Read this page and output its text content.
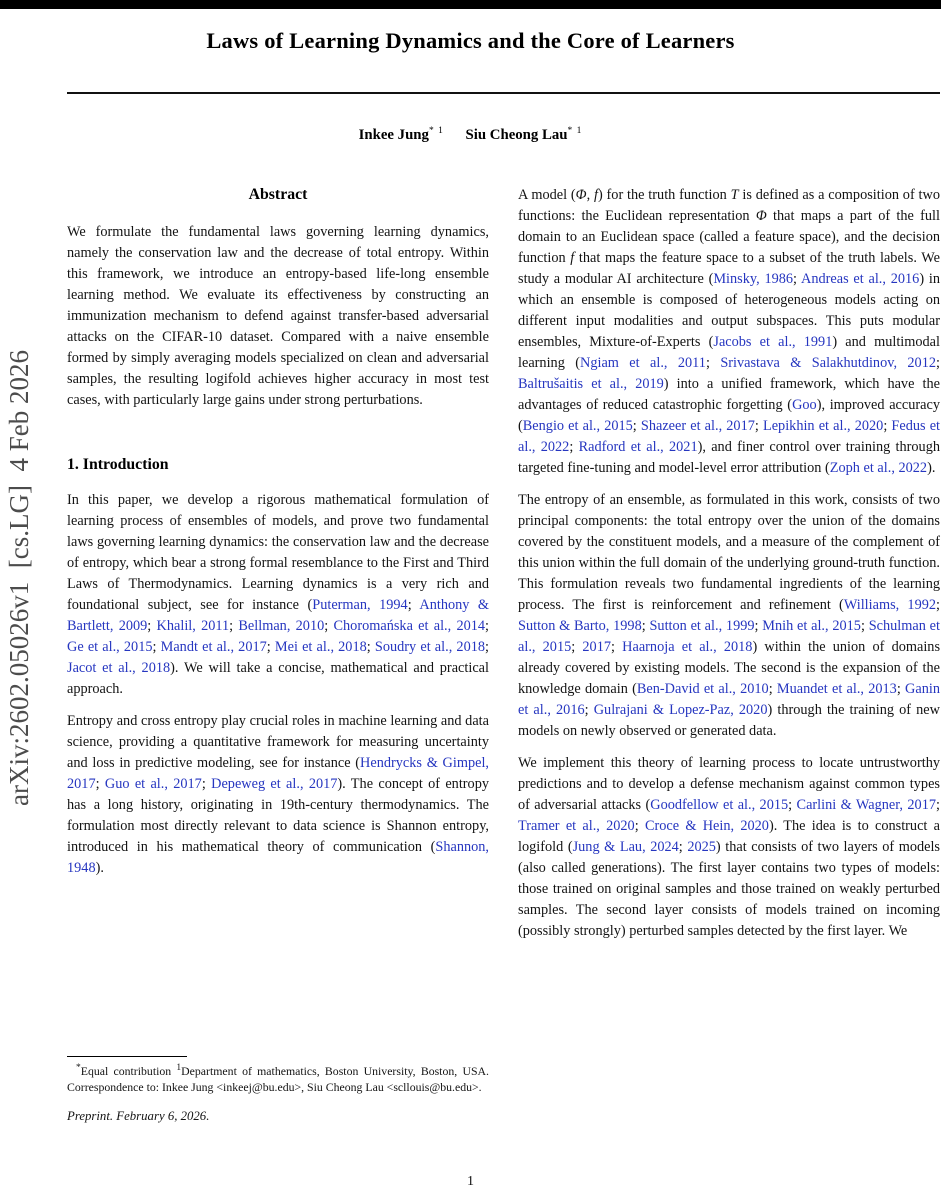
arXiv:2602.05026v1  [cs.LG]  4 Feb 2026
Laws of Learning Dynamics and the Core of Learners
Inkee Jung$^{* 1}$ Siu Cheong Lau$^{* 1}$
Abstract

We formulate the fundamental laws governing learning dynamics, namely the conservation law and the decrease of total entropy. Within this framework, we introduce an entropy-based life-long ensemble learning method. We evaluate its effectiveness by constructing an immunization mechanism to defend against transfer-based adversarial attacks on the CIFAR-10 dataset. Compared with a naive ensemble formed by simply averaging models specialized on clean and adversarial samples, the resulting logifold achieves higher accuracy in most test cases, with particularly large gains under strong perturbations.

1. Introduction

In this paper, we develop a rigorous mathematical formulation of learning process of ensembles of models, and prove two fundamental laws governing learning dynamics: the conservation law and the decrease of entropy, which bear a strong formal resemblance to the First and Third Laws of Thermodynamics. Learning dynamics is a very rich and foundational subject, see for instance (Puterman, 1994; Anthony & Bartlett, 2009; Khalil, 2011; Bellman, 2010; Choromańska et al., 2014; Ge et al., 2015; Mandt et al., 2017; Mei et al., 2018; Soudry et al., 2018; Jacot et al., 2018). We will take a concise, mathematical and practical approach.

Entropy and cross entropy play crucial roles in machine learning and data science, providing a quantitative framework for measuring uncertainty and loss in predictive modeling, see for instance (Hendrycks & Gimpel, 2017; Guo et al., 2017; Depeweg et al., 2017). The concept of entropy has a long history, originating in 19th-century thermodynamics. The formulation most directly relevant to data science is Shannon entropy, introduced in his mathematical theory of communication (Shannon, 1948).

A model (Φ, f) for the truth function T is defined as a composition of two functions: the Euclidean representation Φ that maps a part of the full domain to an Euclidean space (called a feature space), and the decision function f that maps the feature space to a subset of the truth labels. We study a modular AI architecture (Minsky, 1986; Andreas et al., 2016) in which an ensemble is composed of heterogeneous models acting on different input modalities and output subspaces. This puts modular ensembles, Mixture-of-Experts (Jacobs et al., 1991) and multimodal learning (Ngiam et al., 2011; Srivastava & Salakhutdinov, 2012; Baltrušaitis et al., 2019) into a unified framework, which have the advantages of reduced catastrophic forgetting (Goo), improved accuracy (Bengio et al., 2015; Shazeer et al., 2017; Lepikhin et al., 2020; Fedus et al., 2022; Radford et al., 2021), and finer control over training through targeted fine-tuning and model-level error attribution (Zoph et al., 2022).

The entropy of an ensemble, as formulated in this work, consists of two principal components: the total entropy over the union of the domains covered by the constituent models, and a measure of the complement of this union within the full domain of the underlying ground-truth function. This formulation reveals two fundamental ingredients of the learning process. The first is reinforcement and refinement (Williams, 1992; Sutton & Barto, 1998; Sutton et al., 1999; Mnih et al., 2015; Schulman et al., 2015; 2017; Haarnoja et al., 2018) within the union of domains already covered by existing models. The second is the expansion of the knowledge domain (Ben-David et al., 2010; Muandet et al., 2013; Ganin et al., 2016; Gulrajani & Lopez-Paz, 2020) through the training of new models on newly observed or generated data.

We implement this theory of learning process to locate untrustworthy predictions and to develop a defense mechanism against common types of adversarial attacks (Goodfellow et al., 2015; Carlini & Wagner, 2017; Tramer et al., 2020; Croce & Hein, 2020). The idea is to construct a logifold (Jung & Lau, 2024; 2025) that consists of two layers of models (also called generations). The first layer contains two types of models: those trained on original samples and those trained on weakly perturbed samples. The second layer consists of models trained on incoming (possibly strongly) perturbed samples detected by the first layer. We

*Equal contribution $^1$Department of mathematics, Boston University, Boston, USA. Correspondence to: Inkee Jung <inkeej@bu.edu>, Siu Cheong Lau <scllouis@bu.edu>.

Preprint. February 6, 2026.

1
